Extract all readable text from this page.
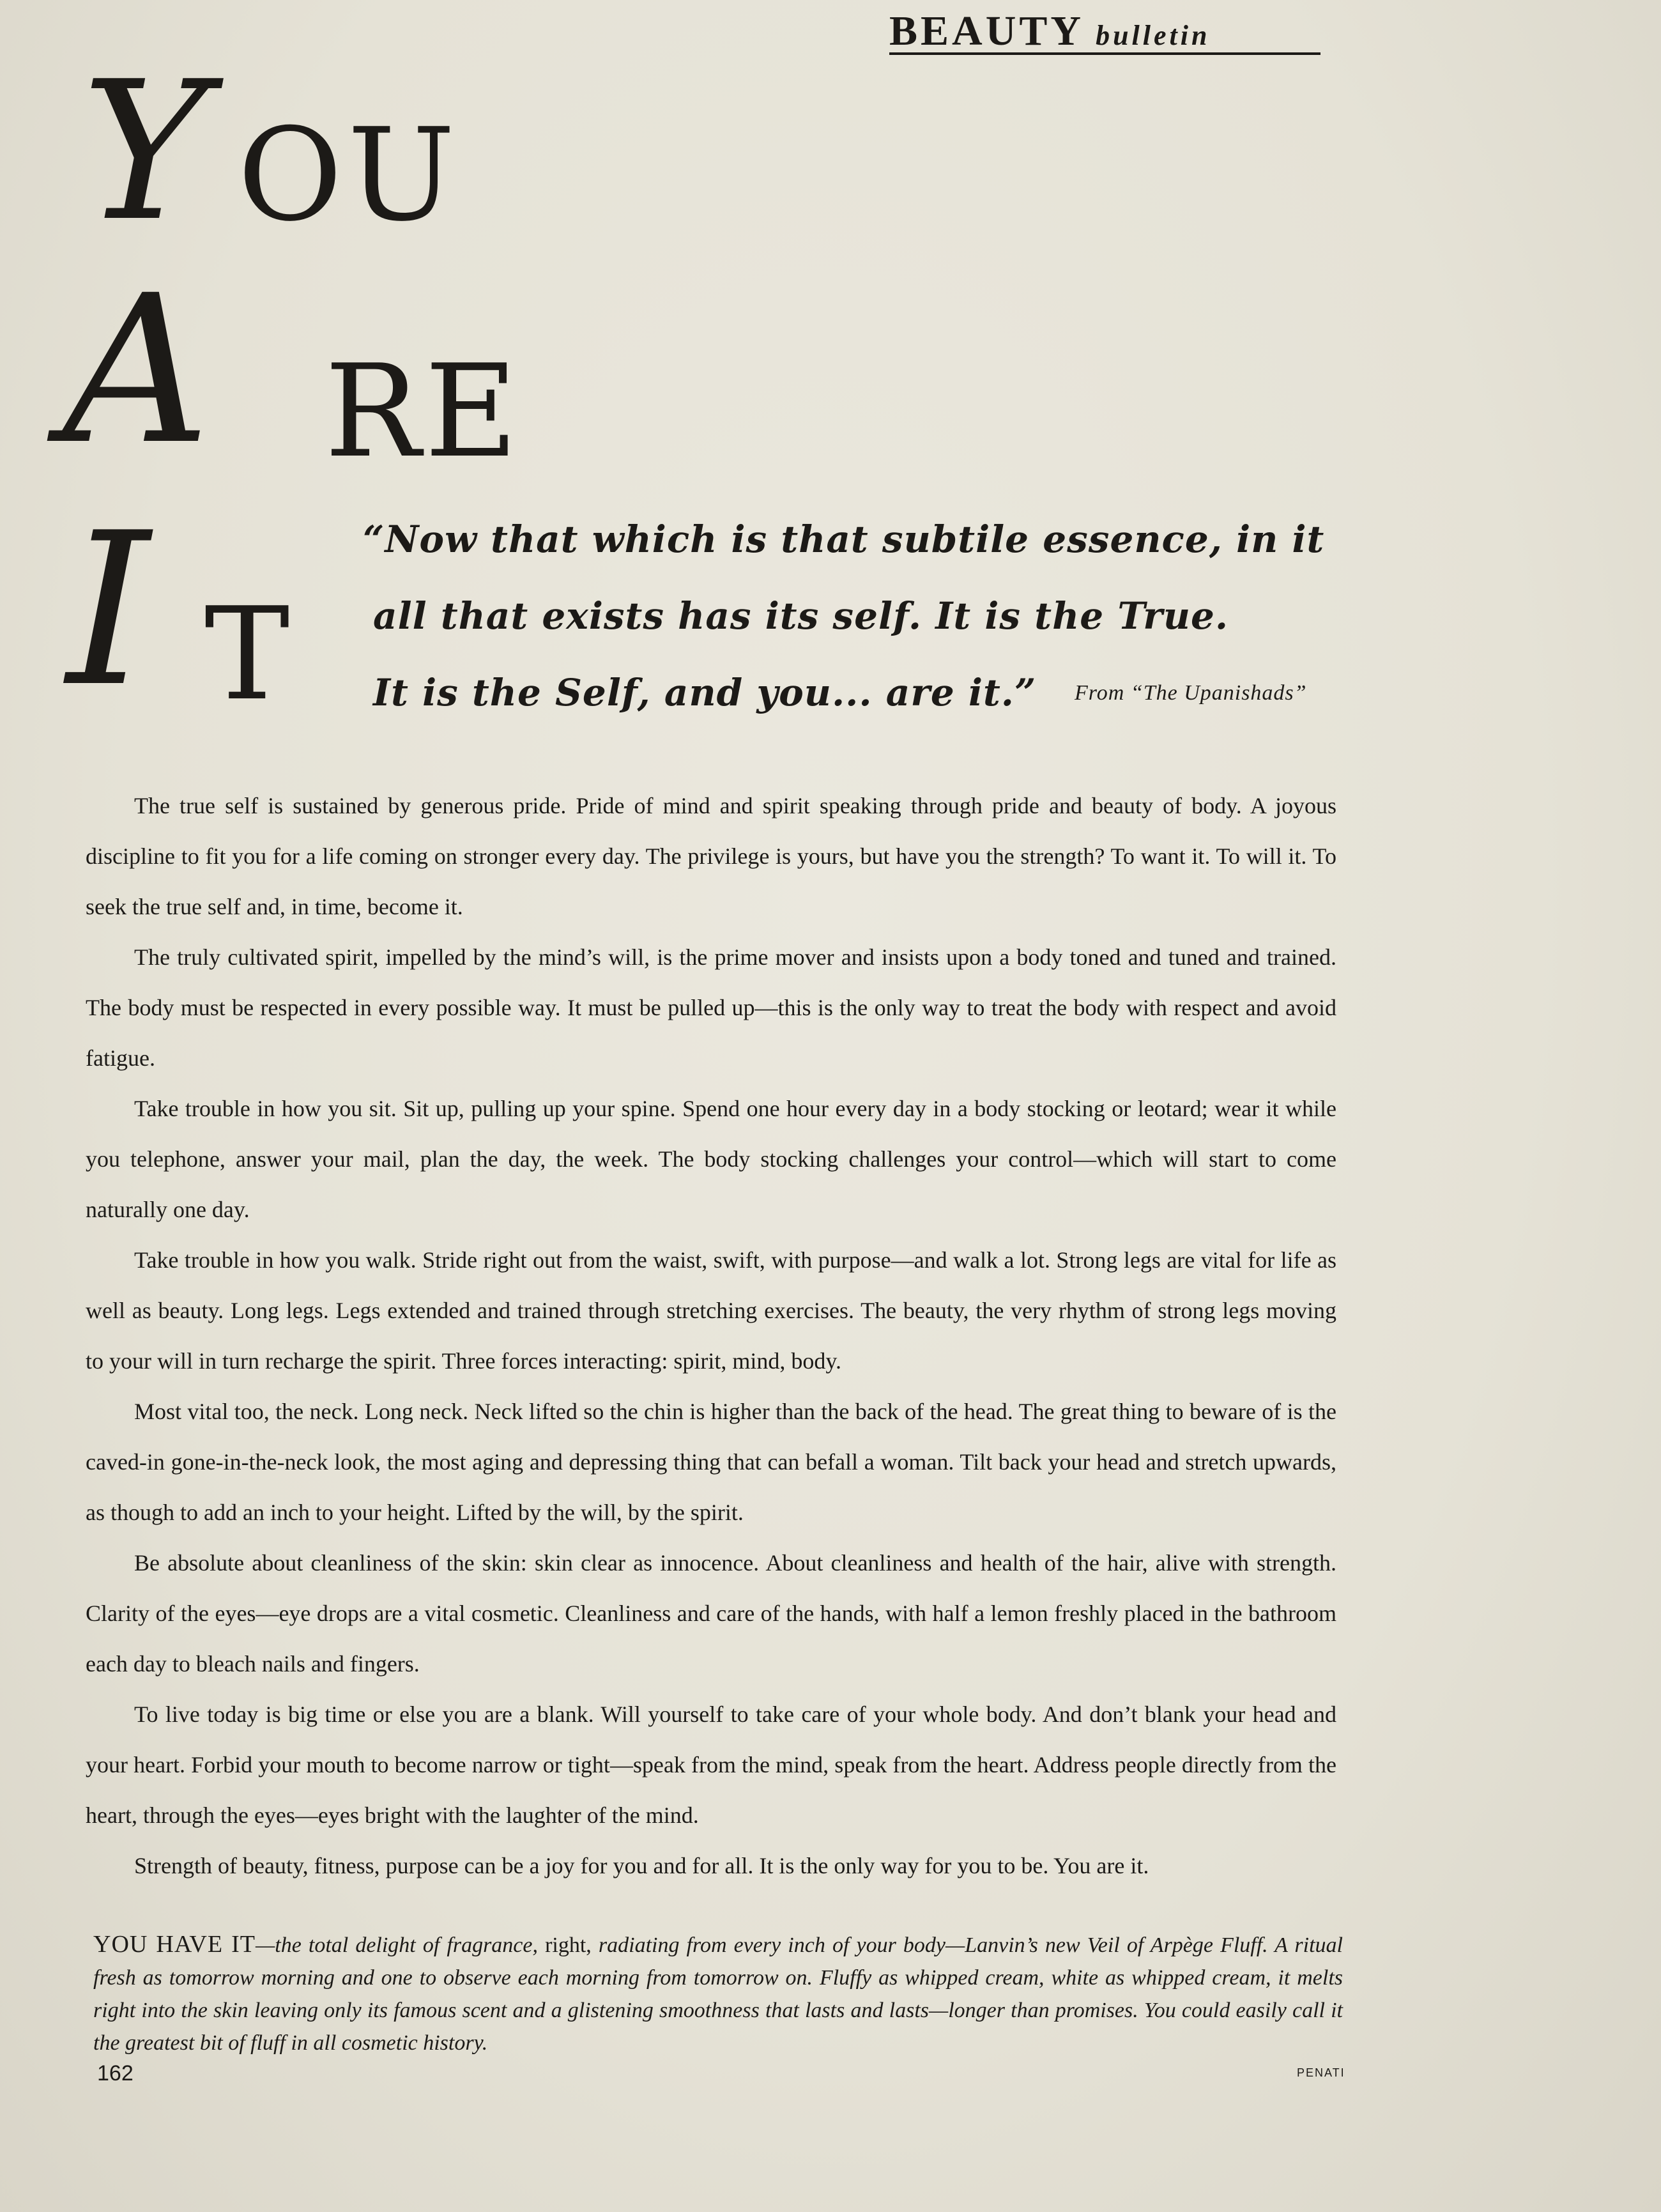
BEAUTY bulletin
Y OU
A RE
I T
“Now that which is that subtile essence, in it
all that exists has its self. It is the True.
It is the Self, and you... are it.” From “The Upanishads”

The true self is sustained by generous pride. Pride of mind and spirit speaking through pride and beauty of body. A joyous discipline to fit you for a life coming on stronger every day. The privilege is yours, but have you the strength? To want it. To will it. To seek the true self and, in time, become it.

The truly cultivated spirit, impelled by the mind’s will, is the prime mover and insists upon a body toned and tuned and trained. The body must be respected in every possible way. It must be pulled up—this is the only way to treat the body with respect and avoid fatigue.

Take trouble in how you sit. Sit up, pulling up your spine. Spend one hour every day in a body stocking or leotard; wear it while you telephone, answer your mail, plan the day, the week. The body stocking challenges your control—which will start to come naturally one day.

Take trouble in how you walk. Stride right out from the waist, swift, with purpose—and walk a lot. Strong legs are vital for life as well as beauty. Long legs. Legs extended and trained through stretching exercises. The beauty, the very rhythm of strong legs moving to your will in turn recharge the spirit. Three forces interacting: spirit, mind, body.

Most vital too, the neck. Long neck. Neck lifted so the chin is higher than the back of the head. The great thing to beware of is the caved-in gone-in-the-neck look, the most aging and depressing thing that can befall a woman. Tilt back your head and stretch upwards, as though to add an inch to your height. Lifted by the will, by the spirit.

Be absolute about cleanliness of the skin: skin clear as innocence. About cleanliness and health of the hair, alive with strength. Clarity of the eyes—eye drops are a vital cosmetic. Cleanliness and care of the hands, with half a lemon freshly placed in the bathroom each day to bleach nails and fingers.

To live today is big time or else you are a blank. Will yourself to take care of your whole body. And don’t blank your head and your heart. Forbid your mouth to become narrow or tight—speak from the mind, speak from the heart. Address people directly from the heart, through the eyes—eyes bright with the laughter of the mind.

Strength of beauty, fitness, purpose can be a joy for you and for all. It is the only way for you to be. You are it.

YOU HAVE IT—the total delight of fragrance, right, radiating from every inch of your body—Lanvin’s new Veil of Arpège Fluff. A ritual fresh as tomorrow morning and one to observe each morning from tomorrow on. Fluffy as whipped cream, white as whipped cream, it melts right into the skin leaving only its famous scent and a glistening smoothness that lasts and lasts—longer than promises. You could easily call it the greatest bit of fluff in all cosmetic history.
162	PENATI
